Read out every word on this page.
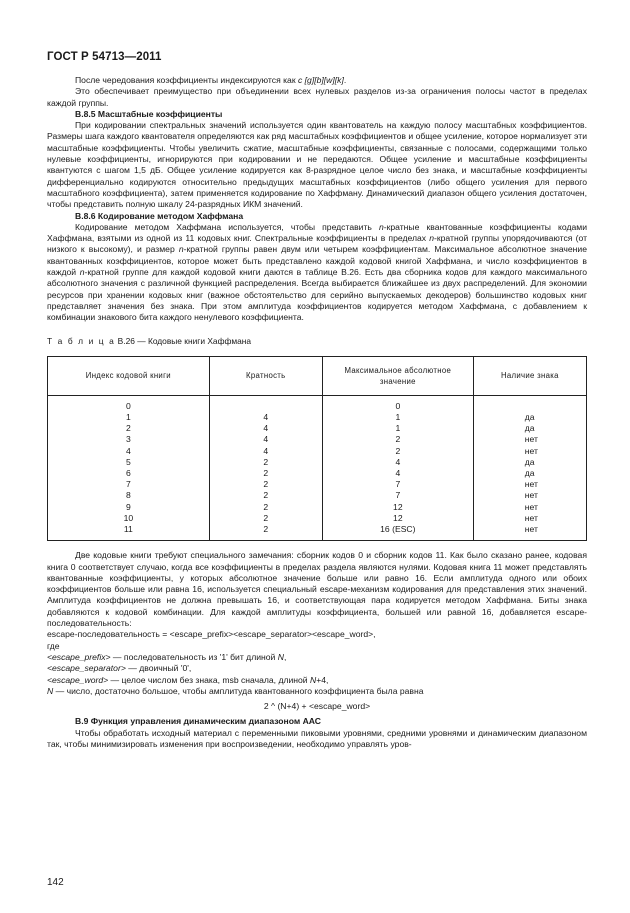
ГОСТ Р 54713—2011

После чередования коэффициенты индексируются как с [g][b][w][k].

Это обеспечивает преимущество при объединении всех нулевых разделов из-за ограничения полосы частот в пределах каждой группы.

B.8.5 Масштабные коэффициенты

При кодировании спектральных значений используется один квантователь на каждую полосу масштабных коэффициентов. Размеры шага каждого квантователя определяются как ряд масштабных коэффициентов и общее усиление, которое нормализует эти масштабные коэффициенты. Чтобы увеличить сжатие, масштабные коэффициенты, связанные с полосами, содержащими только нулевые коэффициенты, игнорируются при кодировании и не передаются. Общее усиление и масштабные коэффициенты квантуются с шагом 1,5 дБ. Общее усиление кодируется как 8-разрядное целое число без знака, и масштабные коэффициенты дифференциально кодируются относительно предыдущих масштабных коэффициентов (либо общего усиления для первого масштабного коэффициента), затем применяется кодирование по Хаффману. Динамический диапазон общего усиления достаточен, чтобы представить полную шкалу 24-разрядных ИКМ значений.

B.8.6 Кодирование методом Хаффмана

Кодирование методом Хаффмана используется, чтобы представить n-кратные квантованные коэффициенты кодами Хаффмана, взятыми из одной из 11 кодовых книг. Спектральные коэффициенты в пределах n-кратной группы упорядочиваются (от низкого к высокому), и размер n-кратной группы равен двум или четырем коэффициентам. Максимальное абсолютное значение квантованных коэффициентов, которое может быть представлено каждой кодовой книгой Хаффмана, и число коэффициентов в каждой n-кратной группе для каждой кодовой книги даются в таблице B.26. Есть два сборника кодов для каждого максимального абсолютного значения с различной функцией распределения. Всегда выбирается ближайшее из двух распределений. Для экономии ресурсов при хранении кодовых книг (важное обстоятельство для серийно выпускаемых декодеров) большинство кодовых книг представляет значения без знака. При этом амплитуда коэффициентов кодируется методом Хаффмана, с добавлением к комбинации знакового бита каждого ненулевого коэффициента.

Т а б л и ц а B.26 — Кодовые книги Хаффмана

Индекс кодовой книги	Кратность	Максимальное абсолютное значение	Наличие знака
0		0	
1	4	1	да
2	4	1	да
3	4	2	нет
4	4	2	нет
5	2	4	да
6	2	4	да
7	2	7	нет
8	2	7	нет
9	2	12	нет
10	2	12	нет
11	2	16 (ESC)	нет

Две кодовые книги требуют специального замечания: сборник кодов 0 и сборник кодов 11. Как было сказано ранее, кодовая книга 0 соответствует случаю, когда все коэффициенты в пределах раздела являются нулями. Кодовая книга 11 может представлять квантованные коэффициенты, у которых абсолютное значение больше или равно 16. Если амплитуда одного или обоих коэффициентов больше или равна 16, используется специальный escape-механизм кодирования для представления этих значений. Амплитуда коэффициентов не должна превышать 16, и соответствующая пара кодируется методом Хаффмана. Биты знака добавляются к кодовой комбинации. Для каждой амплитуды коэффициента, большей или равной 16, добавляется escape-последовательность:

escape-последовательность = <escape_prefix><escape_separator><escape_word>,

где

<escape_prefix> — последовательность из '1' бит длиной N,

<escape_separator> — двоичный '0',

<escape_word> — целое числом без знака, msb сначала, длиной N+4,

N — число, достаточно большое, чтобы амплитуда квантованного коэффициента была равна

2 ^ (N+4) + <escape_word>

B.9 Функция управления динамическим диапазоном ААС

Чтобы обработать исходный материал с переменными пиковыми уровнями, средними уровнями и динамическим диапазоном так, чтобы минимизировать изменения при воспроизведении, необходимо управлять уров-

142
